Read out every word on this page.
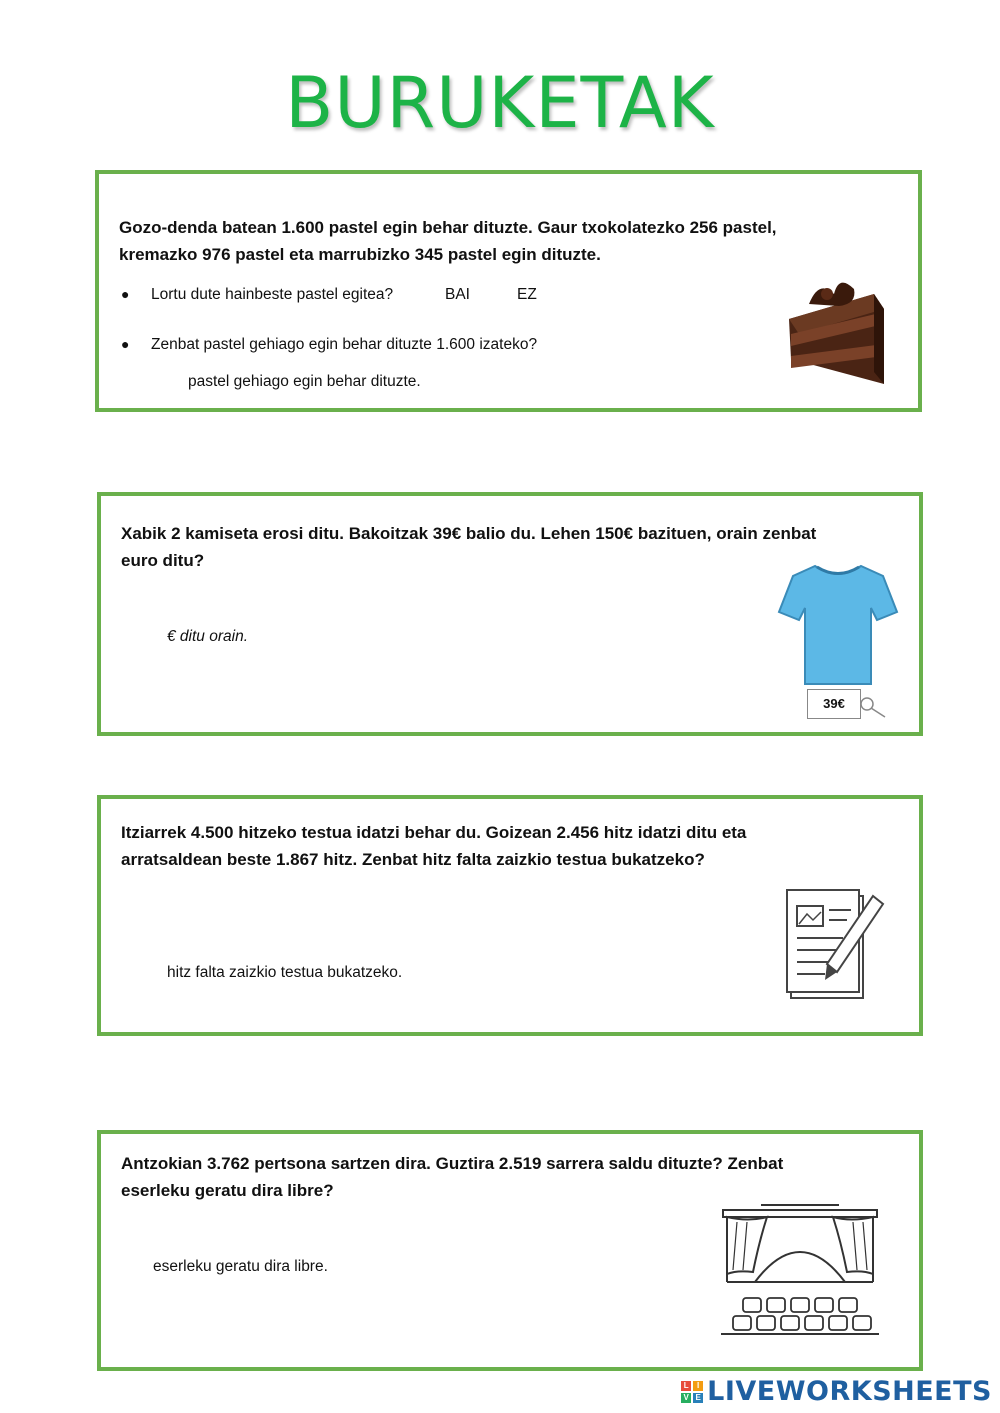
BURUKETAK
Gozo-denda batean 1.600 pastel egin behar dituzte. Gaur txokolatezko 256 pastel, kremazko 976 pastel eta marrubizko 345 pastel egin dituzte.
● Lortu dute hainbeste pastel egitea?	BAI	EZ
● Zenbat pastel gehiago egin behar dituzte 1.600 izateko?
pastel gehiago egin behar dituzte.
Xabik 2 kamiseta erosi ditu. Bakoitzak 39€ balio du. Lehen 150€ bazituen, orain zenbat euro ditu?
€ ditu orain.
39€
Itziarrek 4.500 hitzeko testua idatzi behar du. Goizean 2.456 hitz idatzi ditu eta arratsaldean beste 1.867 hitz. Zenbat hitz falta zaizkio testua bukatzeko?
hitz falta zaizkio testua bukatzeko.
Antzokian 3.762 pertsona sartzen dira. Guztira 2.519 sarrera saldu dituzte? Zenbat eserleku geratu dira libre?
eserleku geratu dira libre.
L	I
V E LIVEWORKSHEETS
